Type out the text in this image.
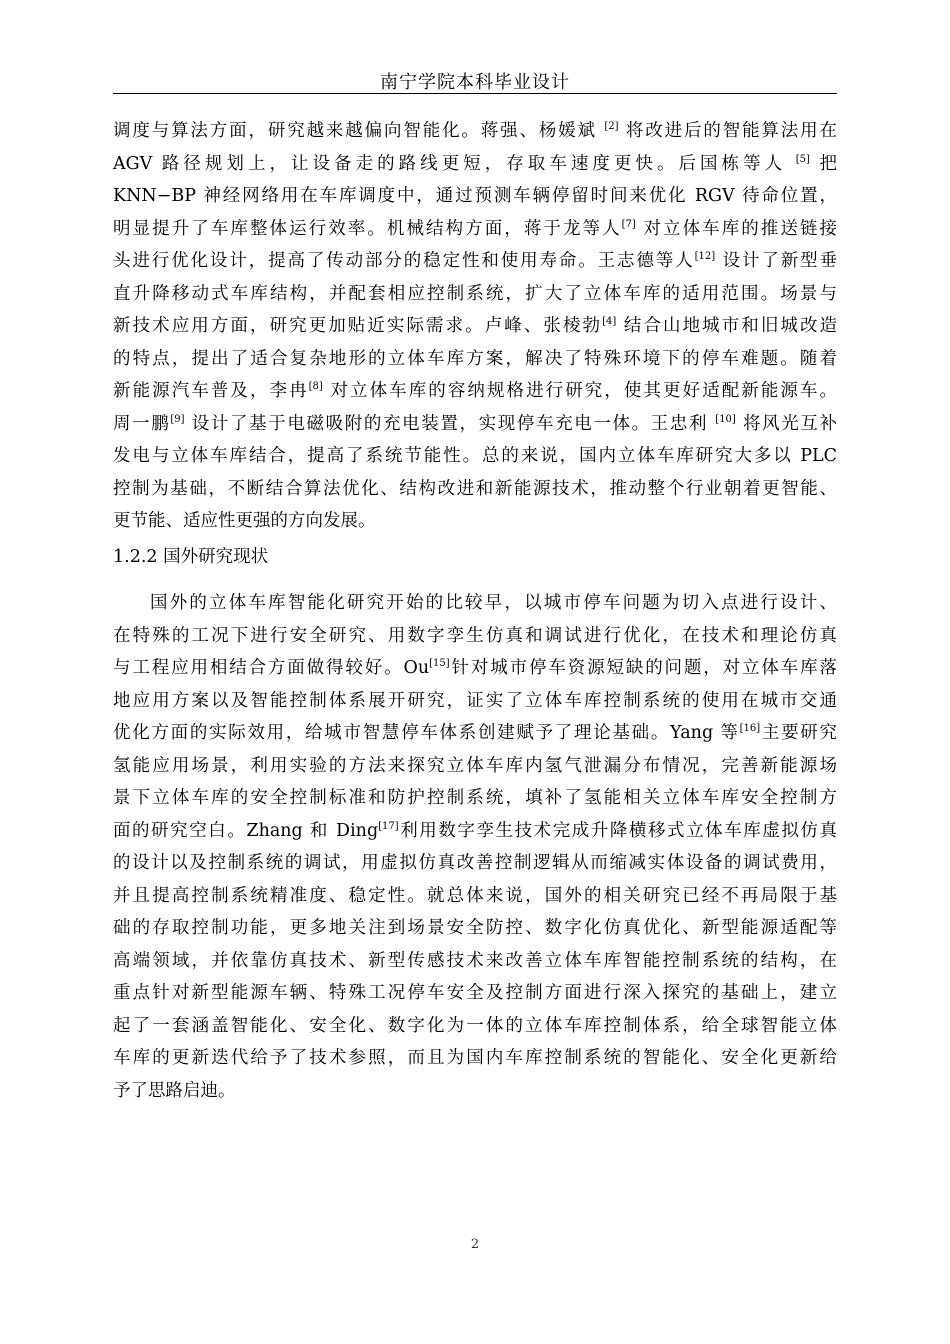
南宁学院本科毕业设计
调度与算法方面，研究越来越偏向智能化。蒋强、杨媛斌 [2] 将改进后的智能算法用在
AGV 路径规划上，让设备走的路线更短，存取车速度更快。后国栋等人 [5] 把
KNN−BP 神经网络用在车库调度中，通过预测车辆停留时间来优化 RGV 待命位置，
明显提升了车库整体运行效率。机械结构方面，蒋于龙等人[7] 对立体车库的推送链接
头进行优化设计，提高了传动部分的稳定性和使用寿命。王志德等人[12] 设计了新型垂
直升降移动式车库结构，并配套相应控制系统，扩大了立体车库的适用范围。场景与
新技术应用方面，研究更加贴近实际需求。卢峰、张棱勃[4] 结合山地城市和旧城改造
的特点，提出了适合复杂地形的立体车库方案，解决了特殊环境下的停车难题。随着
新能源汽车普及，李冉[8] 对立体车库的容纳规格进行研究，使其更好适配新能源车。
周一鹏[9] 设计了基于电磁吸附的充电装置，实现停车充电一体。王忠利 [10] 将风光互补
发电与立体车库结合，提高了系统节能性。总的来说，国内立体车库研究大多以 PLC
控制为基础，不断结合算法优化、结构改进和新能源技术，推动整个行业朝着更智能、
更节能、适应性更强的方向发展。
1.2.2 国外研究现状
国外的立体车库智能化研究开始的比较早，以城市停车问题为切入点进行设计、
在特殊的工况下进行安全研究、用数字孪生仿真和调试进行优化，在技术和理论仿真
与工程应用相结合方面做得较好。Ou[15]针对城市停车资源短缺的问题，对立体车库落
地应用方案以及智能控制体系展开研究，证实了立体车库控制系统的使用在城市交通
优化方面的实际效用，给城市智慧停车体系创建赋予了理论基础。Yang 等[16]主要研究
氢能应用场景，利用实验的方法来探究立体车库内氢气泄漏分布情况，完善新能源场
景下立体车库的安全控制标准和防护控制系统，填补了氢能相关立体车库安全控制方
面的研究空白。Zhang 和 Ding[17]利用数字孪生技术完成升降横移式立体车库虚拟仿真
的设计以及控制系统的调试，用虚拟仿真改善控制逻辑从而缩减实体设备的调试费用，
并且提高控制系统精准度、稳定性。就总体来说，国外的相关研究已经不再局限于基
础的存取控制功能，更多地关注到场景安全防控、数字化仿真优化、新型能源适配等
高端领域，并依靠仿真技术、新型传感技术来改善立体车库智能控制系统的结构，在
重点针对新型能源车辆、特殊工况停车安全及控制方面进行深入探究的基础上，建立
起了一套涵盖智能化、安全化、数字化为一体的立体车库控制体系，给全球智能立体
车库的更新迭代给予了技术参照，而且为国内车库控制系统的智能化、安全化更新给
予了思路启迪。
2
